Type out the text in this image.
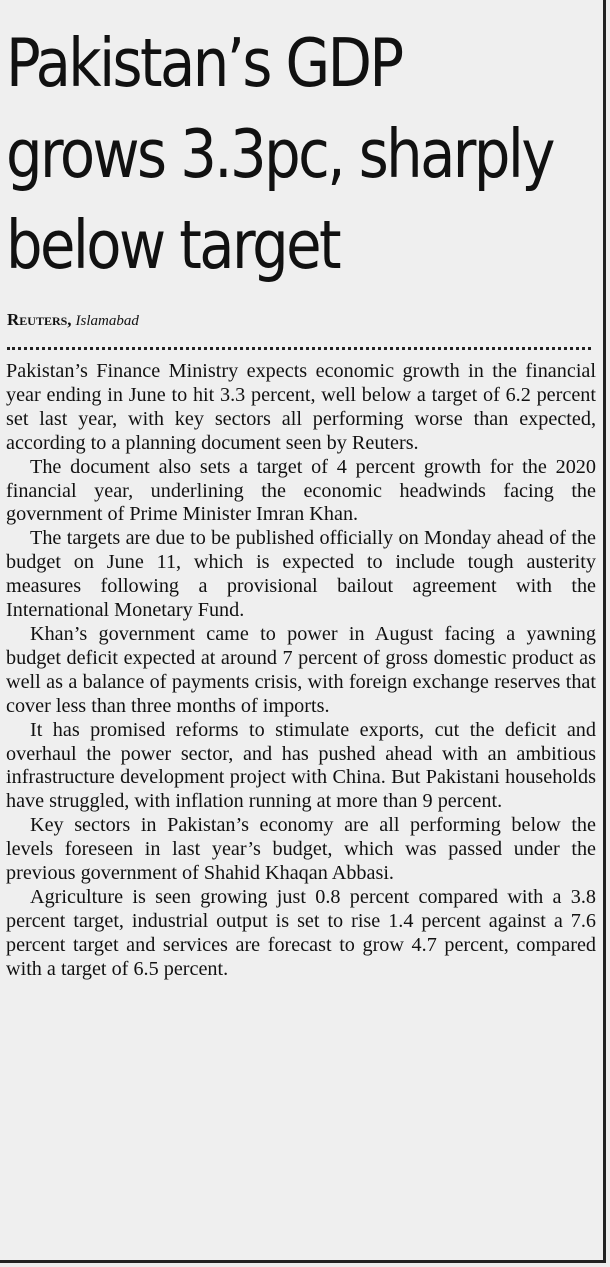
Pakistan’s GDP
grows 3.3pc, sharply
below target
Reuters, Islamabad

Pakistan’s Finance Ministry expects economic growth in the financial year ending in June to hit 3.3 percent, well below a target of 6.2 percent set last year, with key sectors all performing worse than expected, according to a planning document seen by Reuters.

The document also sets a target of 4 percent growth for the 2020 financial year, underlining the economic headwinds facing the government of Prime Minister Imran Khan.

The targets are due to be published officially on Monday ahead of the budget on June 11, which is expected to include tough austerity measures following a provisional bailout agreement with the International Monetary Fund.

Khan’s government came to power in August facing a yawning budget deficit expected at around 7 percent of gross domestic product as well as a balance of payments crisis, with foreign exchange reserves that cover less than three months of imports.

It has promised reforms to stimulate exports, cut the deficit and overhaul the power sector, and has pushed ahead with an ambitious infrastructure development project with China. But Pakistani households have struggled, with inflation running at more than 9 percent.

Key sectors in Pakistan’s economy are all performing below the levels foreseen in last year’s budget, which was passed under the previous government of Shahid Khaqan Abbasi.

Agriculture is seen growing just 0.8 percent compared with a 3.8 percent target, industrial output is set to rise 1.4 percent against a 7.6 percent target and services are forecast to grow 4.7 percent, compared with a target of 6.5 percent.
